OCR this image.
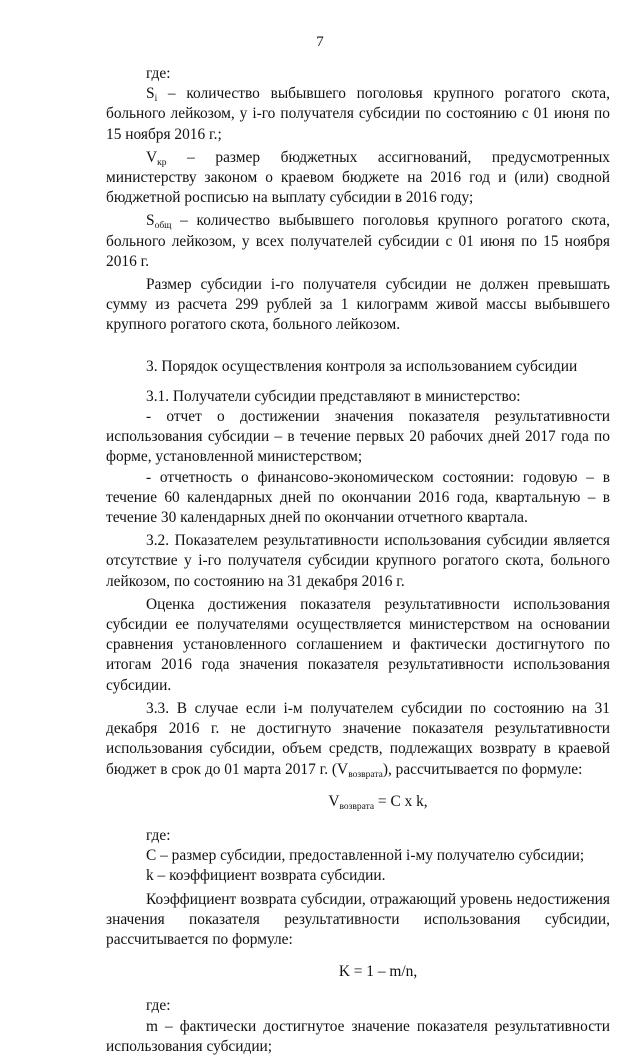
7

где:

$S_i$ – количество выбывшего поголовья крупного рогатого скота, больного лейкозом, у i-го получателя субсидии по состоянию с 01 июня по 15 ноября 2016 г.;

$V_{кр}$ – размер бюджетных ассигнований, предусмотренных министерству законом о краевом бюджете на 2016 год и (или) сводной бюджетной росписью на выплату субсидии в 2016 году;

$S_{общ}$ – количество выбывшего поголовья крупного рогатого скота, больного лейкозом, у всех получателей субсидии с 01 июня по 15 ноября 2016 г.

Размер субсидии i-го получателя субсидии не должен превышать сумму из расчета 299 рублей за 1 килограмм живой массы выбывшего крупного рогатого скота, больного лейкозом.

3. Порядок осуществления контроля за использованием субсидии

3.1. Получатели субсидии представляют в министерство:

- отчет о достижении значения показателя результативности использования субсидии – в течение первых 20 рабочих дней 2017 года по форме, установленной министерством;

- отчетность о финансово-экономическом состоянии: годовую – в течение 60 календарных дней по окончании 2016 года, квартальную – в течение 30 календарных дней по окончании отчетного квартала.

3.2. Показателем результативности использования субсидии является отсутствие у i-го получателя субсидии крупного рогатого скота, больного лейкозом, по состоянию на 31 декабря 2016 г.

Оценка достижения показателя результативности использования субсидии ее получателями осуществляется министерством на основании сравнения установленного соглашением и фактически достигнутого по итогам 2016 года значения показателя результативности использования субсидии.

3.3. В случае если i-м получателем субсидии по состоянию на 31 декабря 2016 г. не достигнуто значение показателя результативности использования субсидии, объем средств, подлежащих возврату в краевой бюджет в срок до 01 марта 2017 г. $(V_{возврата})$, рассчитывается по формуле:

$V_{возврата} = C$ x k,

где:

С – размер субсидии, предоставленной i-му получателю субсидии;

k – коэффициент возврата субсидии.

Коэффициент возврата субсидии, отражающий уровень недостижения значения показателя результативности использования субсидии, рассчитывается по формуле:

K = 1 – m/n,

где:

m – фактически достигнутое значение показателя результативности использования субсидии;
